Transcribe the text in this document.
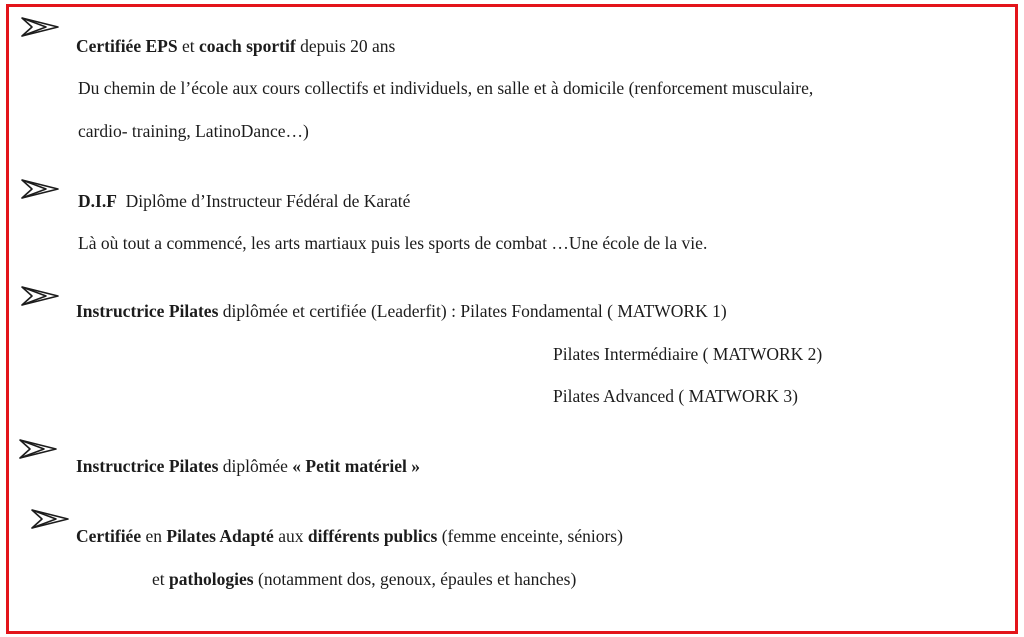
Certifiée EPS et coach sportif depuis 20 ans
Du chemin de l’école aux cours collectifs et individuels, en salle et à domicile (renforcement musculaire,
cardio- training, LatinoDance…)
D.I.F  Diplôme d’Instructeur Fédéral de Karaté
Là où tout a commencé, les arts martiaux puis les sports de combat …Une école de la vie.
Instructrice Pilates diplômée et certifiée (Leaderfit) : Pilates Fondamental ( MATWORK 1)
Pilates Intermédiaire ( MATWORK 2)
Pilates Advanced ( MATWORK 3)
Instructrice Pilates diplômée « Petit matériel »
Certifiée en Pilates Adapté aux différents publics (femme enceinte, séniors)
et pathologies (notamment dos, genoux, épaules et hanches)
